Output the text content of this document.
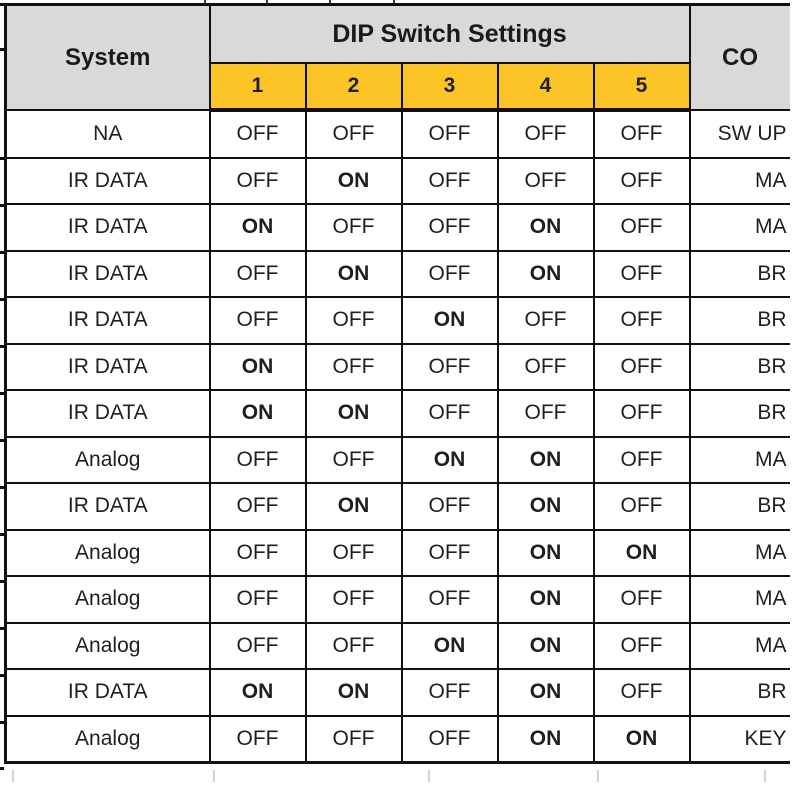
System	DIP Switch Settings					CO
	1	2	3	4	5	
NA	OFF	OFF	OFF	OFF	OFF	SW UP
IR DATA	OFF	ON	OFF	OFF	OFF	MA
IR DATA	ON	OFF	OFF	ON	OFF	MA
IR DATA	OFF	ON	OFF	ON	OFF	BR
IR DATA	OFF	OFF	ON	OFF	OFF	BR
IR DATA	ON	OFF	OFF	OFF	OFF	BR
IR DATA	ON	ON	OFF	OFF	OFF	BR
Analog	OFF	OFF	ON	ON	OFF	MA
IR DATA	OFF	ON	OFF	ON	OFF	BR
Analog	OFF	OFF	OFF	ON	ON	MA
Analog	OFF	OFF	OFF	ON	OFF	MA
Analog	OFF	OFF	ON	ON	OFF	MA
IR DATA	ON	ON	OFF	ON	OFF	BR
Analog	OFF	OFF	OFF	ON	ON	KEY
